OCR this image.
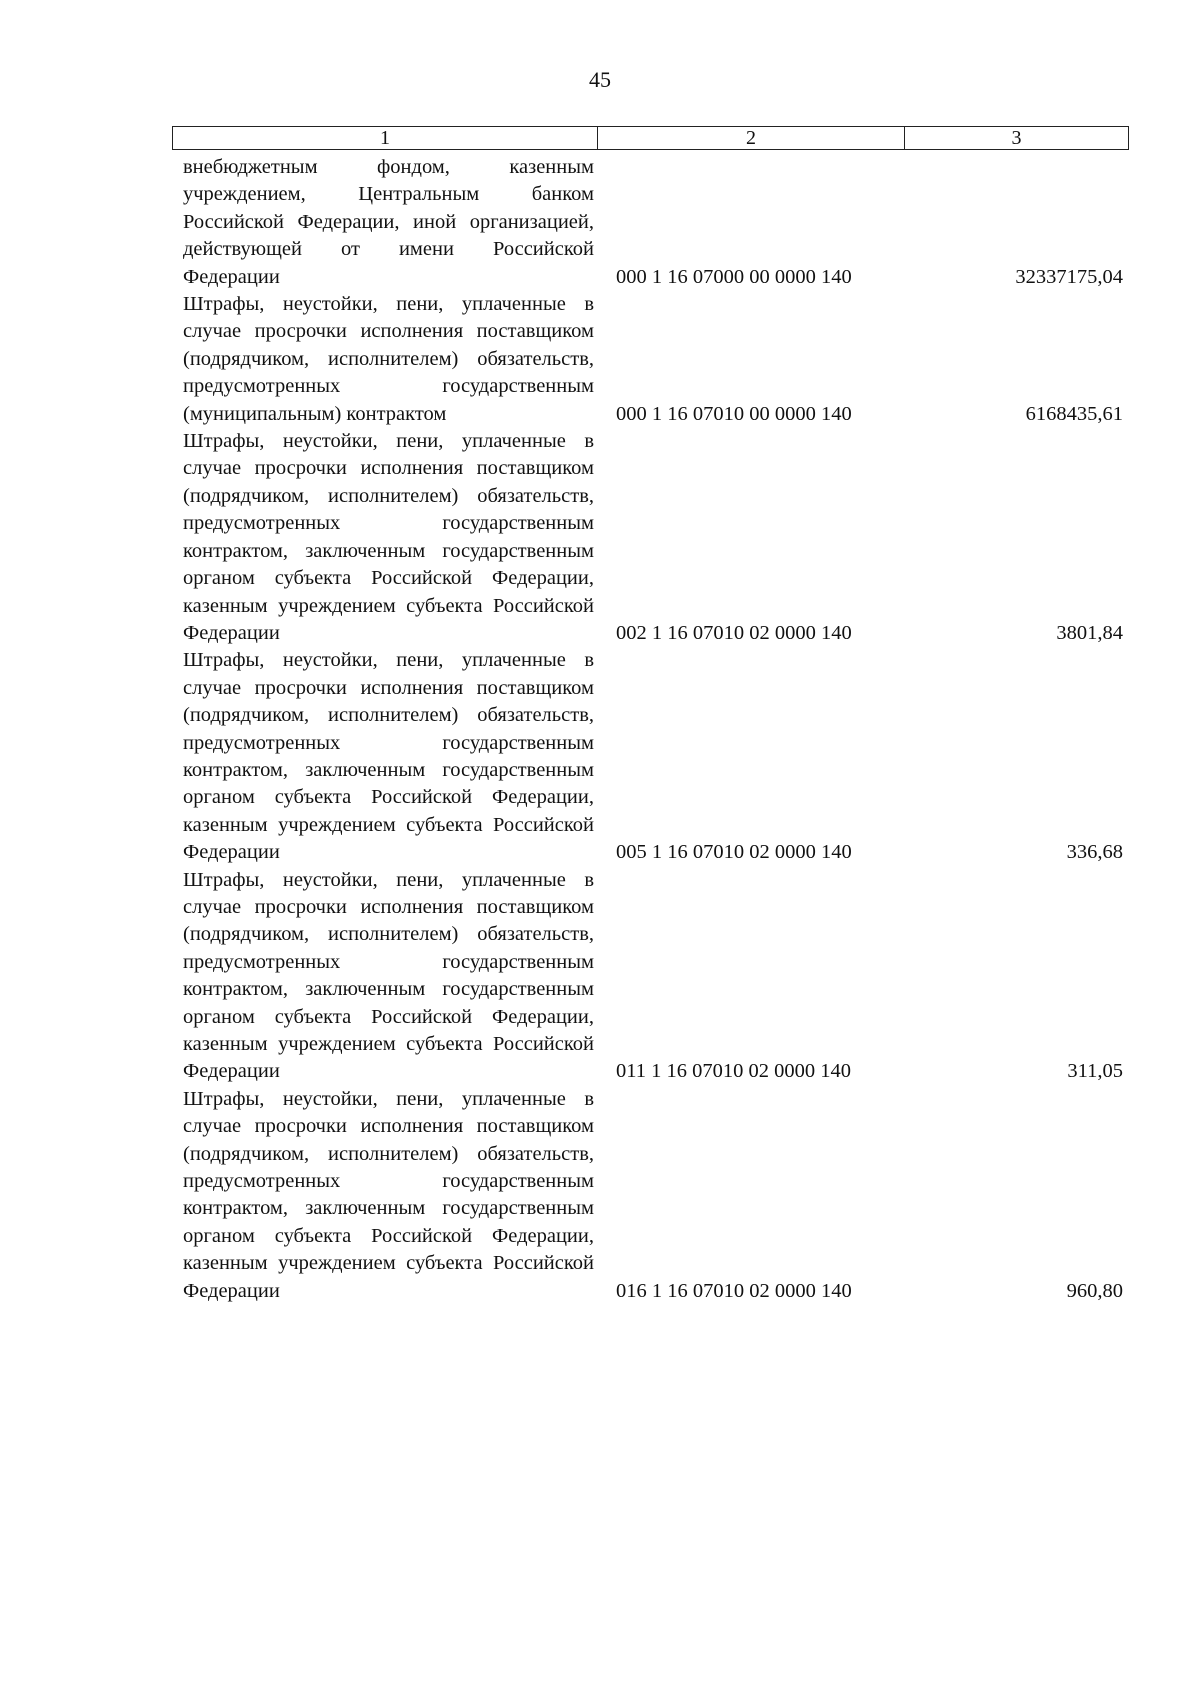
45
1	2	3
внебюджетным фондом, казенным учреждением, Центральным банком Российской Федерации, иной организацией, действующей от имени Российской Федерации	000 1 16 07000 00 0000 140	32337175,04
Штрафы, неустойки, пени, уплаченные в случае просрочки исполнения поставщиком (подрядчиком, исполнителем) обязательств, предусмотренных государственным (муниципальным) контрактом	000 1 16 07010 00 0000 140	6168435,61
Штрафы, неустойки, пени, уплаченные в случае просрочки исполнения поставщиком (подрядчиком, исполнителем) обязательств, предусмотренных государственным контрактом, заключенным государственным органом субъекта Российской Федерации, казенным учреждением субъекта Российской Федерации	002 1 16 07010 02 0000 140	3801,84
Штрафы, неустойки, пени, уплаченные в случае просрочки исполнения поставщиком (подрядчиком, исполнителем) обязательств, предусмотренных государственным контрактом, заключенным государственным органом субъекта Российской Федерации, казенным учреждением субъекта Российской Федерации	005 1 16 07010 02 0000 140	336,68
Штрафы, неустойки, пени, уплаченные в случае просрочки исполнения поставщиком (подрядчиком, исполнителем) обязательств, предусмотренных государственным контрактом, заключенным государственным органом субъекта Российской Федерации, казенным учреждением субъекта Российской Федерации	011 1 16 07010 02 0000 140	311,05
Штрафы, неустойки, пени, уплаченные в случае просрочки исполнения поставщиком (подрядчиком, исполнителем) обязательств, предусмотренных государственным контрактом, заключенным государственным органом субъекта Российской Федерации, казенным учреждением субъекта Российской Федерации	016 1 16 07010 02 0000 140	960,80
